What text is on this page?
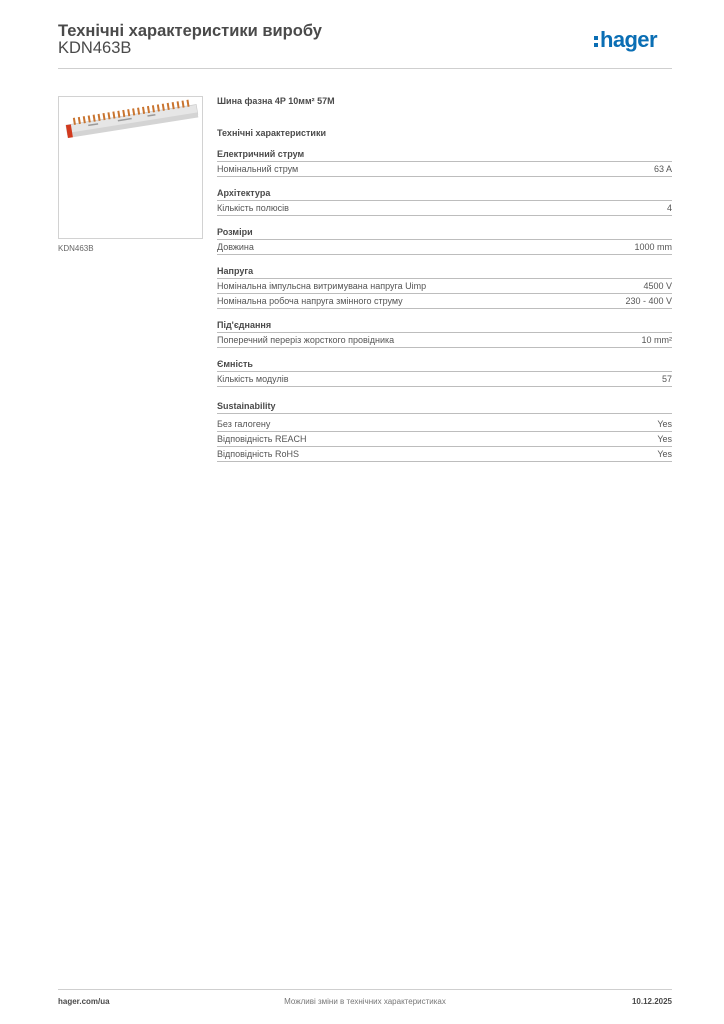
Технічні характеристики виробу
KDN463B	hager
KDN463B
Шина фазна 4P 10мм² 57M
Технічні характеристики
Електричний струм
Номінальний струм	63 A
Архітектура
Кількість полюсів	4
Розміри
Довжина	1000 mm
Напруга
Номінальна імпульсна витримувана напруга Uimp	4500 V
Номінальна робоча напруга змінного струму	230 - 400 V
Під'єднання
Поперечний переріз жорсткого провідника	10 mm²
Ємність
Кількість модулів	57
Sustainability
Без галогену	Yes
Відповідність REACH	Yes
Відповідність RoHS	Yes
hager.com/ua	Можливі зміни в технічних характеристиках	10.12.2025
